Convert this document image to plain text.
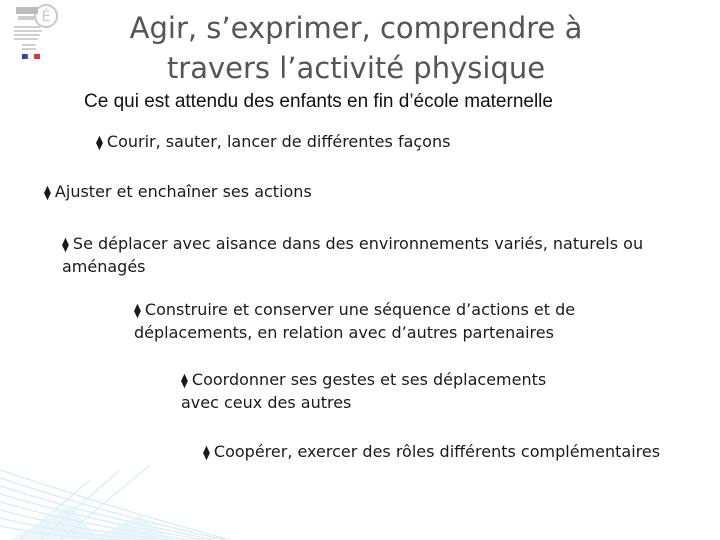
É	Agir, s’exprimer, comprendre à
travers l’activité physique
Ce qui est attendu des enfants en fin d’école maternelle
⧫ Courir, sauter, lancer de différentes façons
⧫ Ajuster et enchaîner ses actions
⧫ Se déplacer avec aisance dans des environnements variés, naturels ou
aménagés
⧫ Construire et conserver une séquence d’actions et de
déplacements, en relation avec d’autres partenaires
⧫ Coordonner ses gestes et ses déplacements
avec ceux des autres
⧫ Coopérer, exercer des rôles différents complémentaires
